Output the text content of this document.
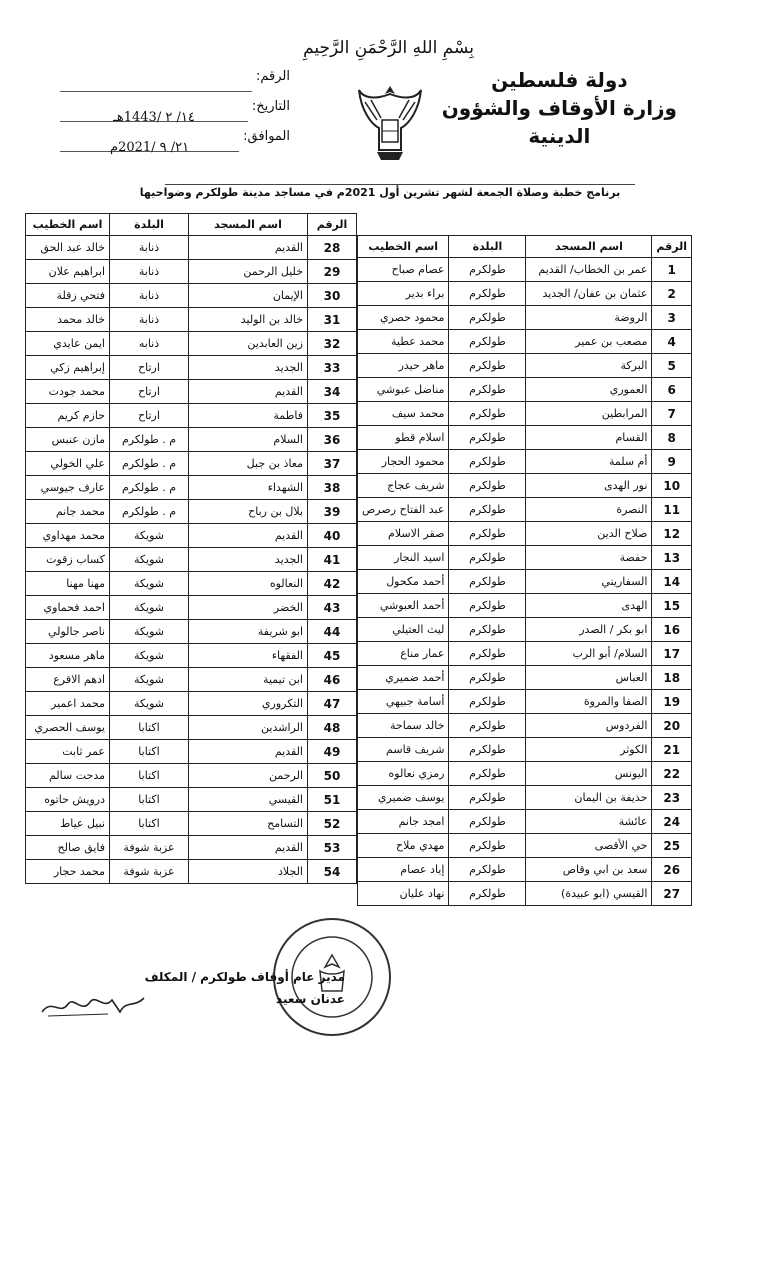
بِسْمِ اللهِ الرَّحْمَنِ الرَّحِيمِ
دولة فلسطين
وزارة الأوقاف والشؤون
الدينية
الرقم:
التاريخ:
١٤/ ٢ /1443هـ
الموافق:
٢١/ ٩ /2021م
برنامج خطبة وصلاة الجمعة لشهر تشرين أول 2021م في مساجد مدينة طولكرم وضواحيها
الرقم	اسم المسجد	البلدة	اسم الخطيب
1	عمر بن الخطاب/ القديم	طولكرم	عصام صباح
2	عثمان بن عفان/ الجديد	طولكرم	براء بدير
3	الروضة	طولكرم	محمود حصري
4	مصعب بن عمير	طولكرم	محمد عطية
5	البركة	طولكرم	ماهر حيدر
6	العموري	طولكرم	مناضل عبوشي
7	المرابطين	طولكرم	محمد سيف
8	القسام	طولكرم	اسلام قطو
9	أم سلمة	طولكرم	محمود الحجار
10	نور الهدى	طولكرم	شريف عجاج
11	النصرة	طولكرم	عبد الفتاح رصرص
12	صلاح الدين	طولكرم	صقر الاسلام
13	حفصة	طولكرم	اسيد النجار
14	السفاريني	طولكرم	أحمد مكحول
15	الهدى	طولكرم	أحمد العبوشي
16	ابو بكر / الصدر	طولكرم	ليث العتيلي
17	السلام/ أبو الرب	طولكرم	عمار مناع
18	العباس	طولكرم	أحمد ضميري
19	الصفا والمروة	طولكرم	أسامة جبيهي
20	الفردوس	طولكرم	خالد سماحة
21	الكوثر	طولكرم	شريف قاسم
22	اليونس	طولكرم	رمزي نعالوه
23	حذيفة بن اليمان	طولكرم	يوسف ضميري
24	عائشة	طولكرم	امجد جانم
25	حي الأقصى	طولكرم	مهدي ملاح
26	سعد بن ابي وقاص	طولكرم	إياد عصام
27	القيسي (ابو عبيدة)	طولكرم	نهاد عليان
الرقم	اسم المسجد	البلدة	اسم الخطيب
28	القديم	ذنابة	خالد عبد الحق
29	خليل الرحمن	ذنابة	ابراهيم علان
30	الإيمان	ذنابة	فتحي زقلة
31	خالد بن الوليد	ذنابة	خالد محمد
32	زين العابدين	ذنابه	ايمن عايدي
33	الجديد	ارتاح	إبراهيم زكي
34	القديم	ارتاح	محمد جودت
35	فاطمة	ارتاح	حازم كريم
36	السلام	م . طولكرم	مازن عنبس
37	معاذ بن جبل	م . طولكرم	علي الخولي
38	الشهداء	م . طولكرم	عارف جيوسي
39	بلال بن رباح	م . طولكرم	محمد جانم
40	القديم	شويكة	محمد مهداوي
41	الجديد	شويكة	كساب زقوت
42	النعالوه	شويكة	مهنا مهنا
43	الخضر	شويكة	احمد فحماوي
44	ابو شريفة	شويكة	ناصر جالولي
45	الفقهاء	شويكة	ماهر مسعود
46	ابن تيمية	شويكة	ادهم الاقرع
47	التكروري	شويكة	محمد اعمير
48	الراشدين	اكتابا	يوسف الحصري
49	القديم	اكتابا	عمر ثابت
50	الرحمن	اكتابا	مدحت سالم
51	القيسي	اكتابا	درويش حاتوه
52	التسامح	اكتابا	نبيل عياط
53	القديم	عزبة شوفة	فايق صالح
54	الجلاد	عزبة شوفة	محمد حجار
مدير عام أوقاف طولكرم / المكلف
عدنان سعيد
